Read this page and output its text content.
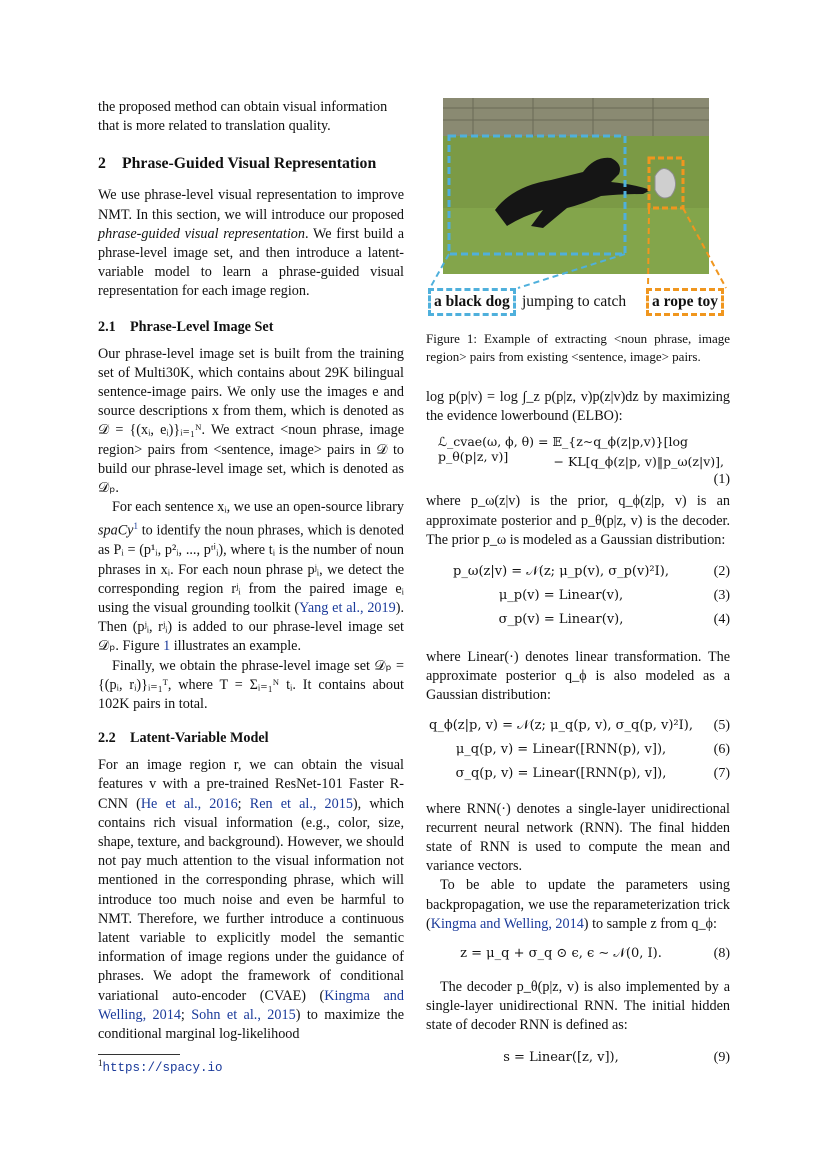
the proposed method can obtain visual information that is more related to translation quality.

2 Phrase-Guided Visual Representation

We use phrase-level visual representation to improve NMT. In this section, we will introduce our proposed phrase-guided visual representation. We first build a phrase-level image set, and then introduce a latent-variable model to learn a phrase-guided visual representation for each image region.

2.1 Phrase-Level Image Set

Our phrase-level image set is built from the training set of Multi30K, which contains about 29K bilingual sentence-image pairs. We only use the images e and source descriptions x from them, which is denoted as 𝒟 = {(xᵢ, eᵢ)}ᵢ₌₁ᴺ. We extract <noun phrase, image region> pairs from <sentence, image> pairs in 𝒟 to build our phrase-level image set, which is denoted as 𝒟ₚ.

For each sentence xᵢ, we use an open-source library spaCy$^1$ to identify the noun phrases, which is denoted as Pᵢ = (p¹ᵢ, p²ᵢ, ..., pᵗⁱᵢ), where tᵢ is the number of noun phrases in xᵢ. For each noun phrase pʲᵢ, we detect the corresponding region rʲᵢ from the paired image eᵢ using the visual grounding toolkit (Yang et al., 2019). Then (pʲᵢ, rʲᵢ) is added to our phrase-level image set 𝒟ₚ. Figure 1 illustrates an example.

Finally, we obtain the phrase-level image set 𝒟ₚ = {(pᵢ, rᵢ)}ᵢ₌₁ᵀ, where T = Σᵢ₌₁ᴺ tᵢ. It contains about 102K pairs in total.

2.2 Latent-Variable Model

For an image region r, we can obtain the visual features v with a pre-trained ResNet-101 Faster R-CNN (He et al., 2016; Ren et al., 2015), which contains rich visual information (e.g., color, size, shape, texture, and background). However, we should not pay much attention to the visual information not mentioned in the corresponding phrase, which will introduce too much noise and even be harmful to NMT. Therefore, we further introduce a continuous latent variable to explicitly model the semantic information of image regions under the guidance of phrases. We adopt the framework of conditional variational auto-encoder (CVAE) (Kingma and Welling, 2014; Sohn et al., 2015) to maximize the conditional marginal log-likelihood

$^1$https://spacy.io
a black dog jumping to catch	a rope toy

Figure 1: Example of extracting <noun phrase, image region> pairs from existing <sentence, image> pairs.

log p(p|v) = log ∫_z p(p|z, v)p(z|v)dz by maximizing the evidence lowerbound (ELBO):

ℒ_cvae(ω, ϕ, θ) = 𝔼_{z∼q_ϕ(z|p,v)}[log p_θ(p|z, v)]	− KL[q_ϕ(z|p, v)‖p_ω(z|v)],
(1)

where p_ω(z|v) is the prior, q_ϕ(z|p, v) is an approximate posterior and p_θ(p|z, v) is the decoder. The prior p_ω is modeled as a Gaussian distribution:

p_ω(z|v) = 𝒩(z; μ_p(v), σ_p(v)²I),	(2)
μ_p(v) = Linear(v),	(3)
σ_p(v) = Linear(v),	(4)

where Linear(·) denotes linear transformation. The approximate posterior q_ϕ is also modeled as a Gaussian distribution:

q_ϕ(z|p, v) = 𝒩(z; μ_q(p, v), σ_q(p, v)²I), (5)
μ_q(p, v) = Linear([RNN(p), v]),	(6)
σ_q(p, v) = Linear([RNN(p), v]),	(7)

where RNN(·) denotes a single-layer unidirectional recurrent neural network (RNN). The final hidden state of RNN is used to compute the mean and variance vectors.

To be able to update the parameters using backpropagation, we use the reparameterization trick (Kingma and Welling, 2014) to sample z from q_ϕ:

z = μ_q + σ_q ⊙ ϵ, ϵ ∼ 𝒩(0, I).	(8)

The decoder p_θ(p|z, v) is also implemented by a single-layer unidirectional RNN. The initial hidden state of decoder RNN is defined as:

s = Linear([z, v]),	(9)
